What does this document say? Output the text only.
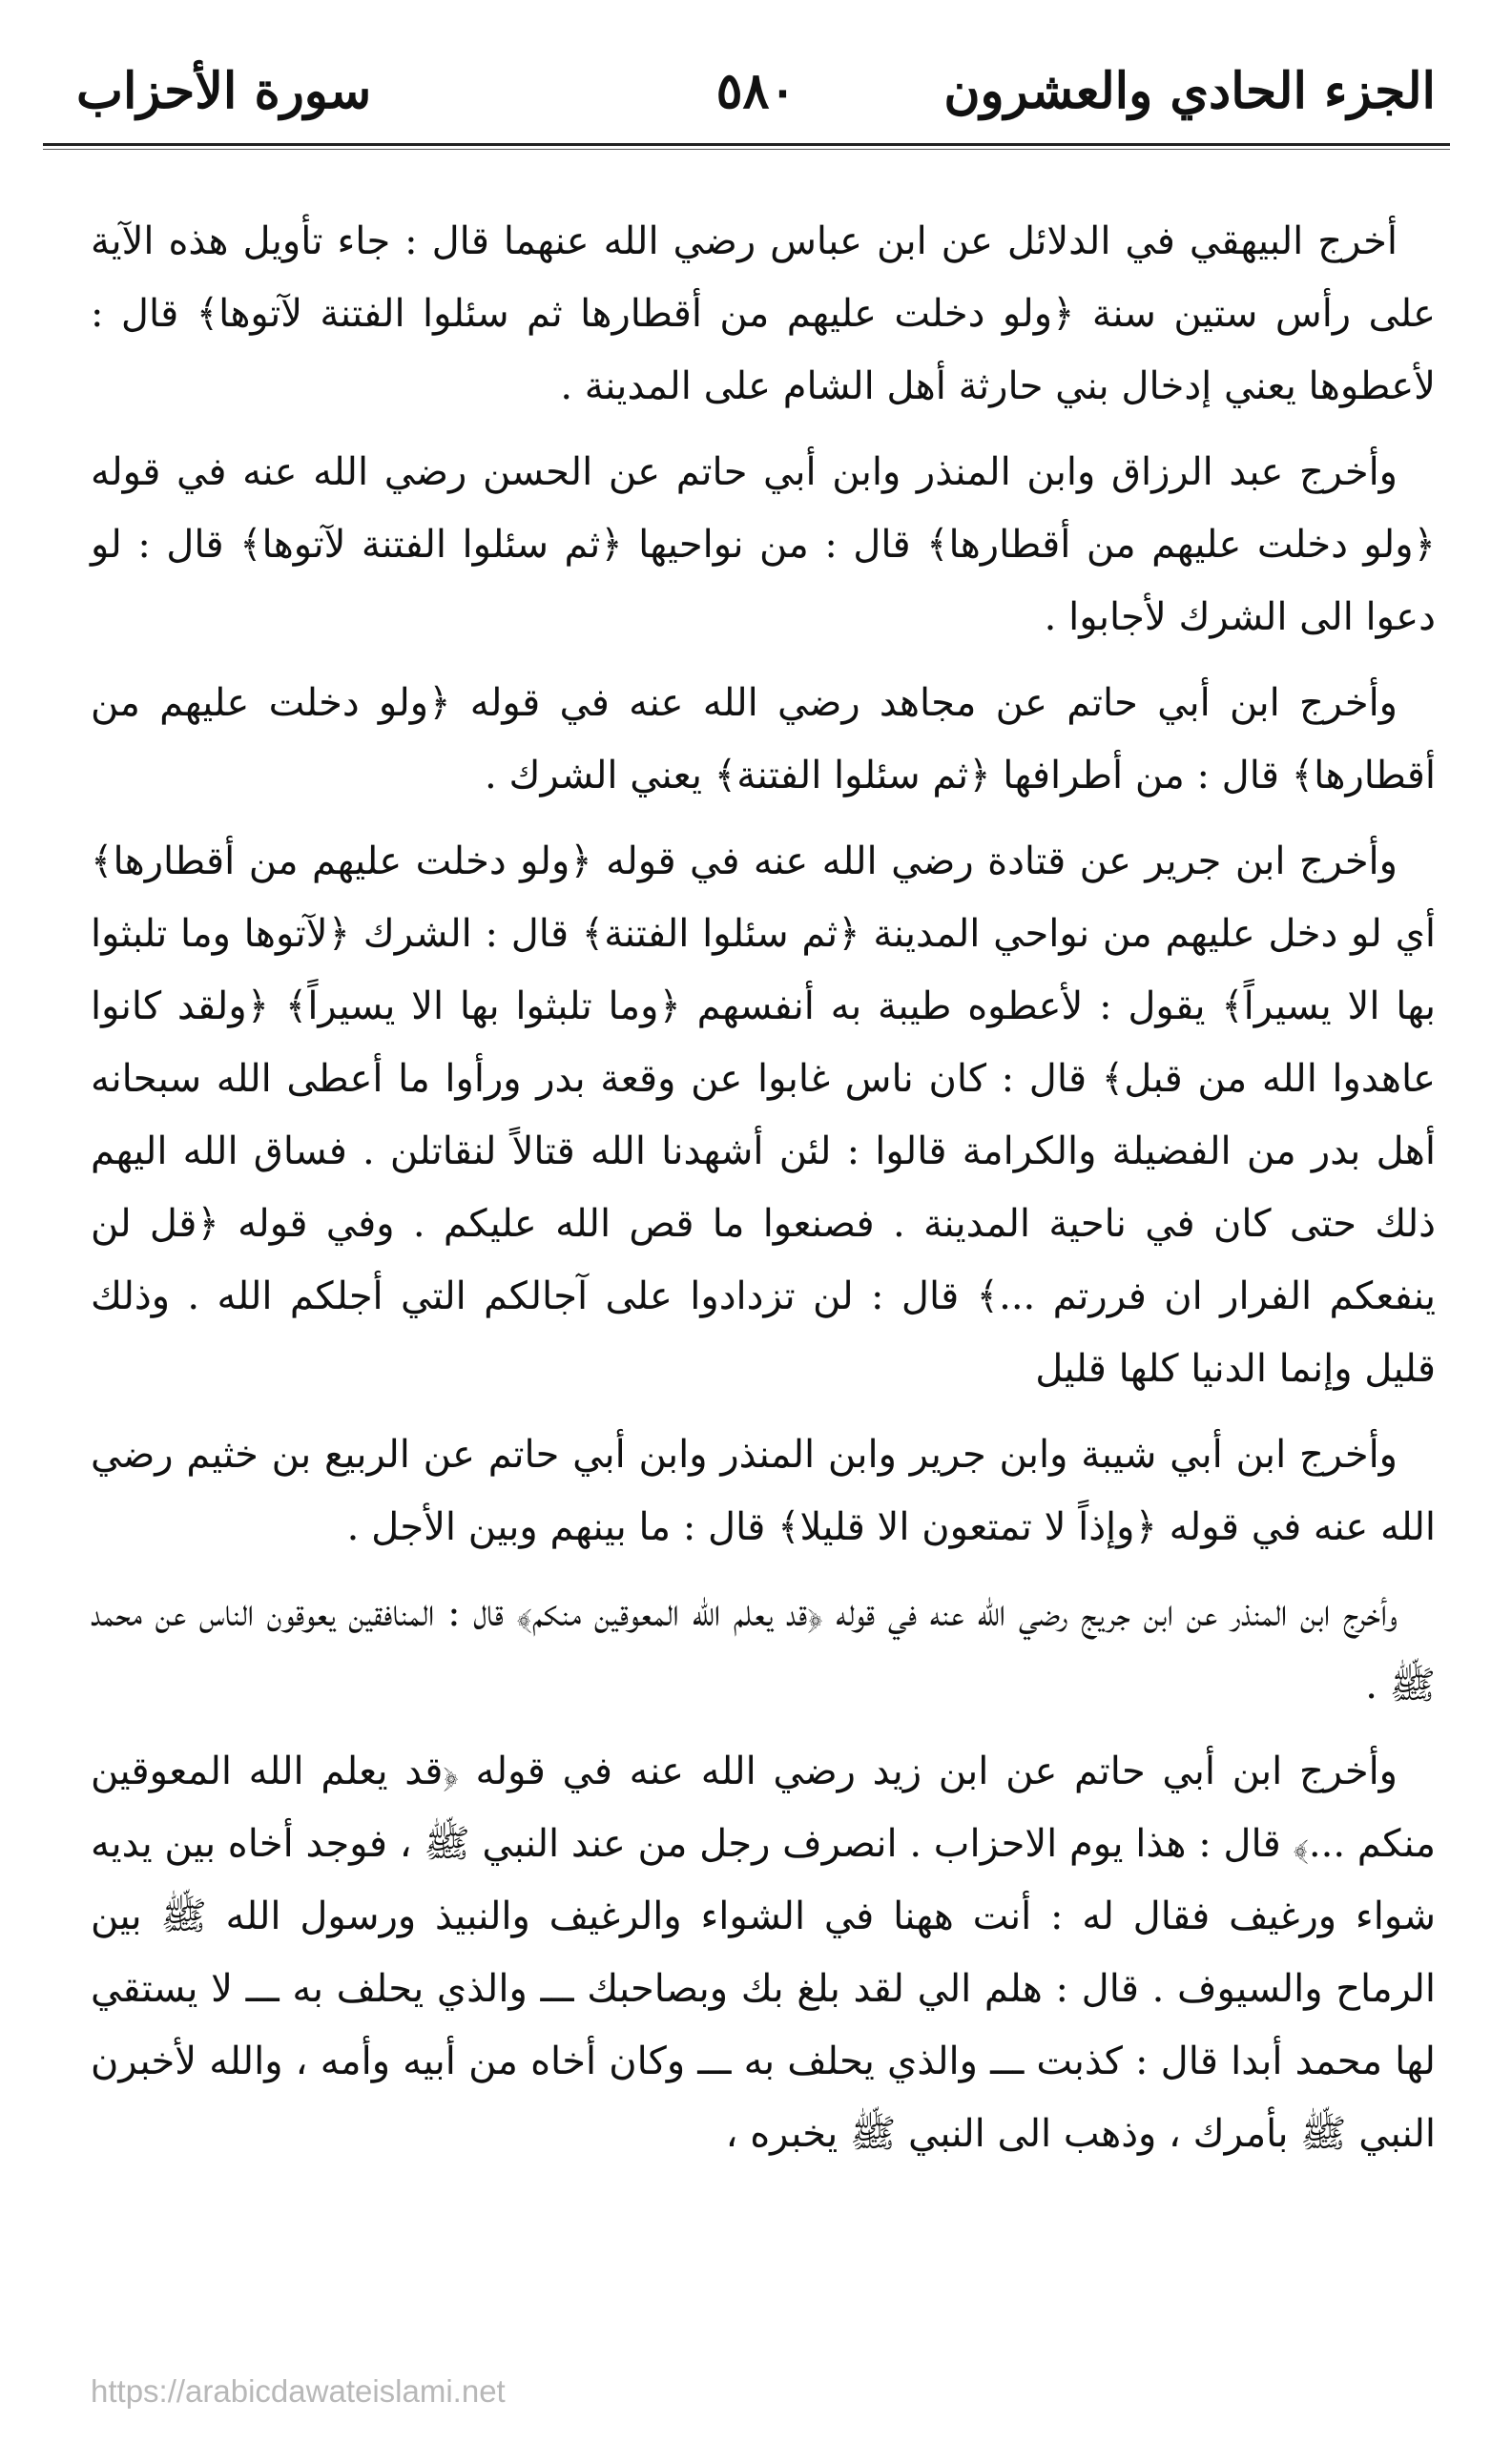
الجزء الحادي والعشرون
٥٨٠
سورة الأحزاب

أخرج البيهقي في الدلائل عن ابن عباس رضي الله عنهما قال : جاء تأويل هذه الآية على رأس ستين سنة ﴿ولو دخلت عليهم من أقطارها ثم سئلوا الفتنة لآتوها﴾ قال : لأعطوها يعني إدخال بني حارثة أهل الشام على المدينة .

وأخرج عبد الرزاق وابن المنذر وابن أبي حاتم عن الحسن رضي الله عنه في قوله ﴿ولو دخلت عليهم من أقطارها﴾ قال : من نواحيها ﴿ثم سئلوا الفتنة لآتوها﴾ قال : لو دعوا الى الشرك لأجابوا .

وأخرج ابن أبي حاتم عن مجاهد رضي الله عنه في قوله ﴿ولو دخلت عليهم من أقطارها﴾ قال : من أطرافها ﴿ثم سئلوا الفتنة﴾ يعني الشرك .

وأخرج ابن جرير عن قتادة رضي الله عنه في قوله ﴿ولو دخلت عليهم من أقطارها﴾ أي لو دخل عليهم من نواحي المدينة ﴿ثم سئلوا الفتنة﴾ قال : الشرك ﴿لآتوها وما تلبثوا بها الا يسيراً﴾ يقول : لأعطوه طيبة به أنفسهم ﴿وما تلبثوا بها الا يسيراً﴾ ﴿ولقد كانوا عاهدوا الله من قبل﴾ قال : كان ناس غابوا عن وقعة بدر ورأوا ما أعطى الله سبحانه أهل بدر من الفضيلة والكرامة قالوا : لئن أشهدنا الله قتالاً لنقاتلن . فساق الله اليهم ذلك حتى كان في ناحية المدينة . فصنعوا ما قص الله عليكم . وفي قوله ﴿قل لن ينفعكم الفرار ان فررتم ...﴾ قال : لن تزدادوا على آجالكم التي أجلكم الله . وذلك قليل وإنما الدنيا كلها قليل

وأخرج ابن أبي شيبة وابن جرير وابن المنذر وابن أبي حاتم عن الربيع بن خثيم رضي الله عنه في قوله ﴿وإذاً لا تمتعون الا قليلا﴾ قال : ما بينهم وبين الأجل .

وأخرج ابن المنذر عن ابن جريج رضي الله عنه في قوله ﴿قد يعلم الله المعوقين منكم﴾ قال : المنافقين يعوقون الناس عن محمد ﷺ .

وأخرج ابن أبي حاتم عن ابن زيد رضي الله عنه في قوله ﴿قد يعلم الله المعوقين منكم ...﴾ قال : هذا يوم الاحزاب . انصرف رجل من عند النبي ﷺ ، فوجد أخاه بين يديه شواء ورغيف فقال له : أنت ههنا في الشواء والرغيف والنبيذ ورسول الله ﷺ بين الرماح والسيوف . قال : هلم الي لقد بلغ بك وبصاحبك ـــ والذي يحلف به ـــ لا يستقي لها محمد أبدا قال : كذبت ـــ والذي يحلف به ـــ وكان أخاه من أبيه وأمه ، والله لأخبرن النبي ﷺ بأمرك ، وذهب الى النبي ﷺ يخبره ،

https://arabicdawateislami.net
